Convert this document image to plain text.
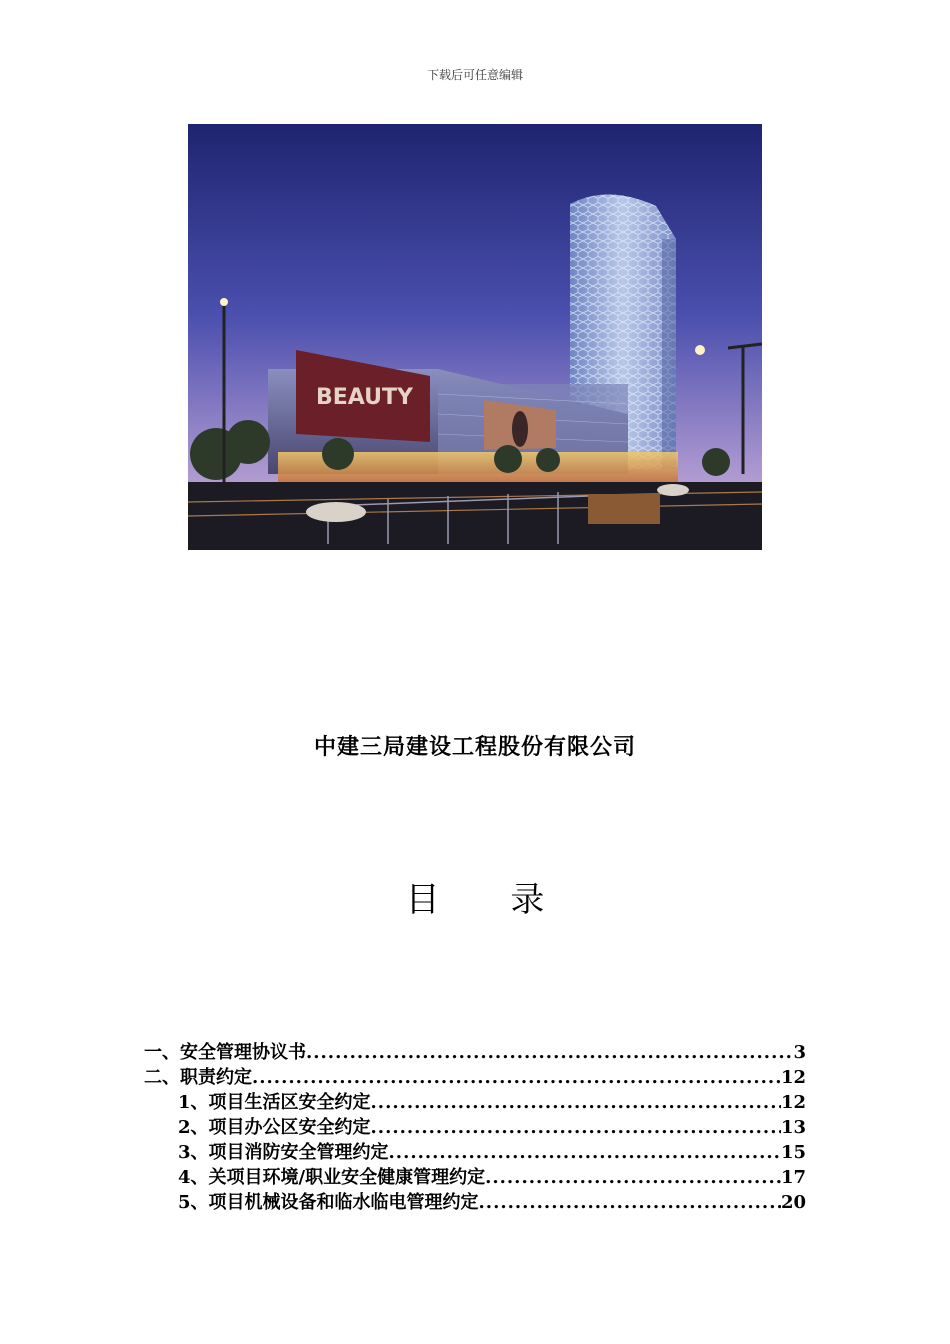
下载后可任意编辑
BEAUTY
中建三局建设工程股份有限公司
目 录
一、安全管理协议书 .....	3
二、职责约定 .....	12
1、项目生活区安全约定 .....	12
2、项目办公区安全约定 .....	13
3、项目消防安全管理约定 .....	15
4、关项目环境/职业安全健康管理约定 .....	17
5、项目机械设备和临水临电管理约定 .....	20
